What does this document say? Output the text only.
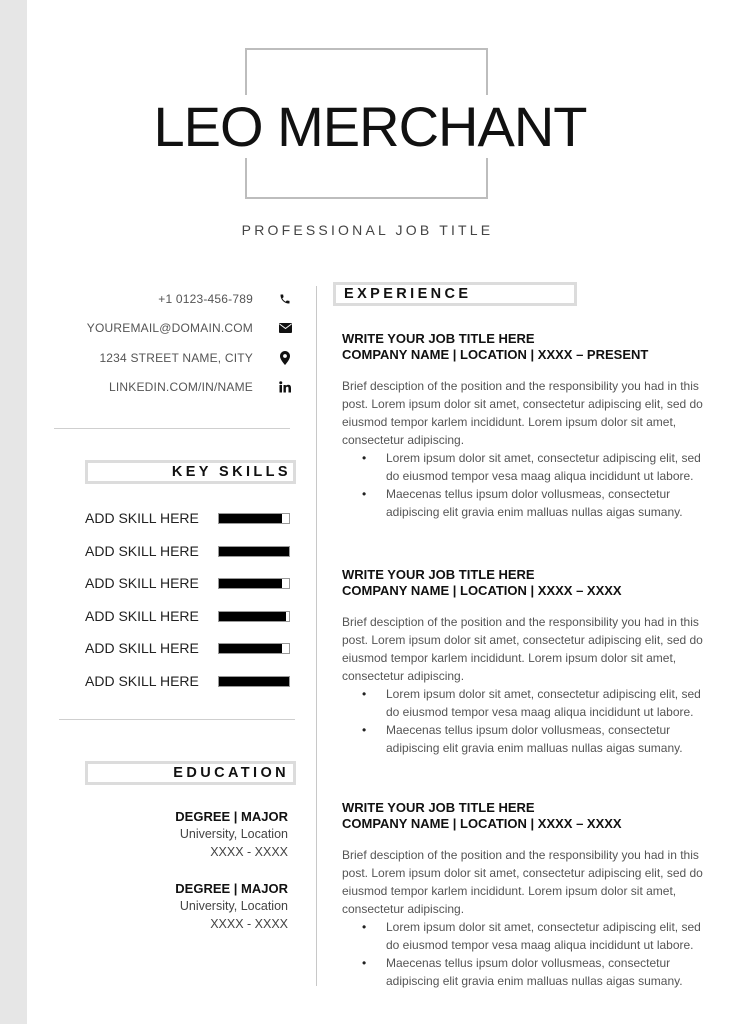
LEO MERCHANT
PROFESSIONAL JOB TITLE
+1 0123-456-789
YOUREMAIL@DOMAIN.COM
1234 STREET NAME, CITY
LINKEDIN.COM/IN/NAME
KEY SKILLS
ADD SKILL HERE
ADD SKILL HERE
ADD SKILL HERE
ADD SKILL HERE
ADD SKILL HERE
ADD SKILL HERE
EDUCATION
DEGREE | MAJOR
University, Location
XXXX - XXXX
DEGREE | MAJOR
University, Location
XXXX - XXXX
EXPERIENCE
WRITE YOUR JOB TITLE HERE
COMPANY NAME | LOCATION | XXXX – PRESENT
Brief desciption of the position and the responsibility you had in this post. Lorem ipsum dolor sit amet, consectetur adipiscing elit, sed do eiusmod tempor karlem incididunt. Lorem ipsum dolor sit amet, consectetur adipiscing.
• Lorem ipsum dolor sit amet, consectetur adipiscing elit, sed do eiusmod tempor vesa maag aliqua incididunt ut labore.
• Maecenas tellus ipsum dolor vollusmeas, consectetur adipiscing elit gravia enim malluas nullas aigas sumany.
WRITE YOUR JOB TITLE HERE
COMPANY NAME | LOCATION | XXXX – XXXX
Brief desciption of the position and the responsibility you had in this post. Lorem ipsum dolor sit amet, consectetur adipiscing elit, sed do eiusmod tempor karlem incididunt. Lorem ipsum dolor sit amet, consectetur adipiscing.
• Lorem ipsum dolor sit amet, consectetur adipiscing elit, sed do eiusmod tempor vesa maag aliqua incididunt ut labore.
• Maecenas tellus ipsum dolor vollusmeas, consectetur adipiscing elit gravia enim malluas nullas aigas sumany.
WRITE YOUR JOB TITLE HERE
COMPANY NAME | LOCATION | XXXX – XXXX
Brief desciption of the position and the responsibility you had in this post. Lorem ipsum dolor sit amet, consectetur adipiscing elit, sed do eiusmod tempor karlem incididunt. Lorem ipsum dolor sit amet, consectetur adipiscing.
• Lorem ipsum dolor sit amet, consectetur adipiscing elit, sed do eiusmod tempor vesa maag aliqua incididunt ut labore.
• Maecenas tellus ipsum dolor vollusmeas, consectetur adipiscing elit gravia enim malluas nullas aigas sumany.
